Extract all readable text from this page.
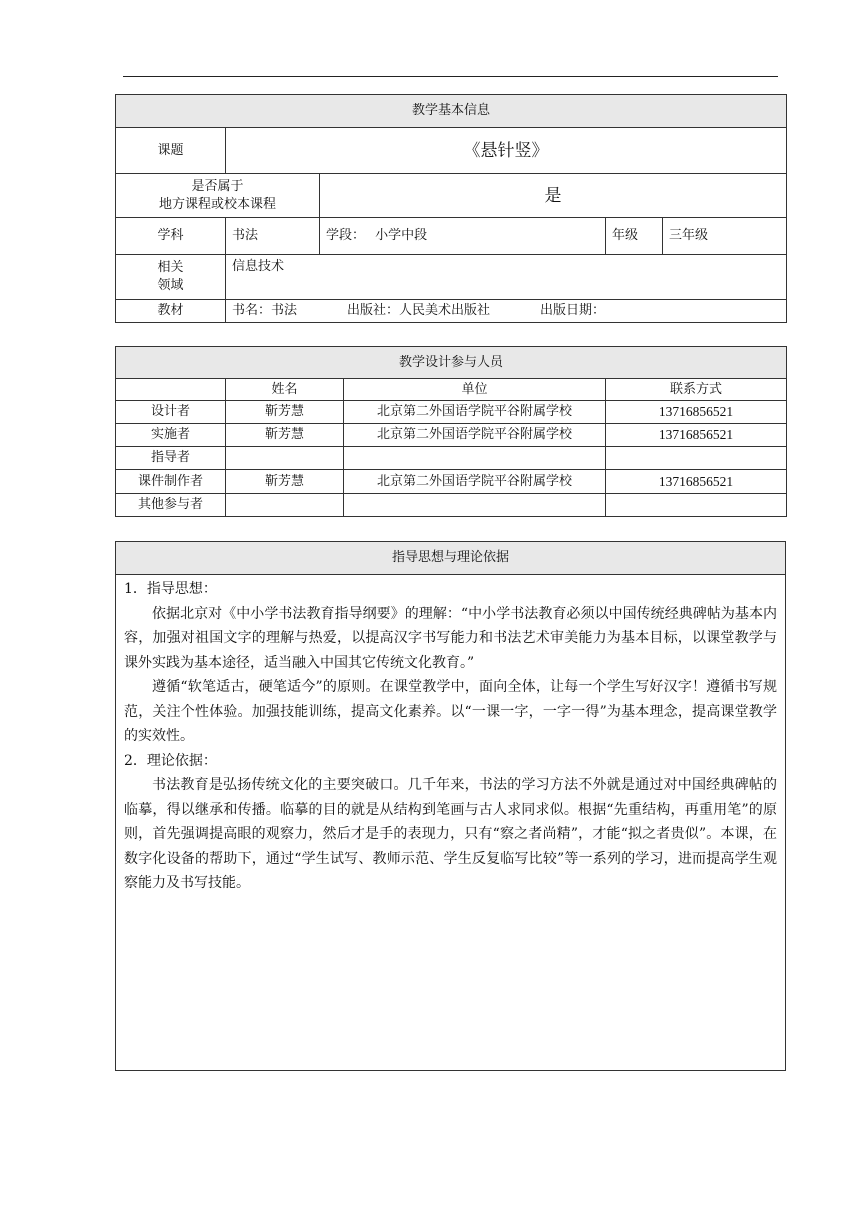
教学基本信息				
课题	《悬针竖》			

是否属于
地方课程或校本课程		是		
学科	书法	学段： 小学中段	年级	三年级

相关
领域	信息技术			
教材	书名：书法 出版社：人民美术出版社 出版日期：			
教学设计参与人员			
	姓名	单位	联系方式
设计者	靳芳慧	北京第二外国语学院平谷附属学校	13716856521
实施者	靳芳慧	北京第二外国语学院平谷附属学校	13716856521
指导者			
课件制作者	靳芳慧	北京第二外国语学院平谷附属学校	13716856521
其他参与者			
指导思想与理论依据

1．指导思想：

依据北京对《中小学书法教育指导纲要》的理解：“中小学书法教育必须以中国传统经典碑帖为基本内容，加强对祖国文字的理解与热爱，以提高汉字书写能力和书法艺术审美能力为基本目标，以课堂教学与课外实践为基本途径，适当融入中国其它传统文化教育。”

遵循“软笔适古，硬笔适今”的原则。在课堂教学中，面向全体，让每一个学生写好汉字！遵循书写规范，关注个性体验。加强技能训练，提高文化素养。以“一课一字，一字一得”为基本理念，提高课堂教学的实效性。

2．理论依据：

书法教育是弘扬传统文化的主要突破口。几千年来，书法的学习方法不外就是通过对中国经典碑帖的临摹，得以继承和传播。临摹的目的就是从结构到笔画与古人求同求似。根据“先重结构，再重用笔”的原则，首先强调提高眼的观察力，然后才是手的表现力，只有“察之者尚精”，才能“拟之者贵似”。本课，在数字化设备的帮助下，通过“学生试写、教师示范、学生反复临写比较”等一系列的学习，进而提高学生观察能力及书写技能。
